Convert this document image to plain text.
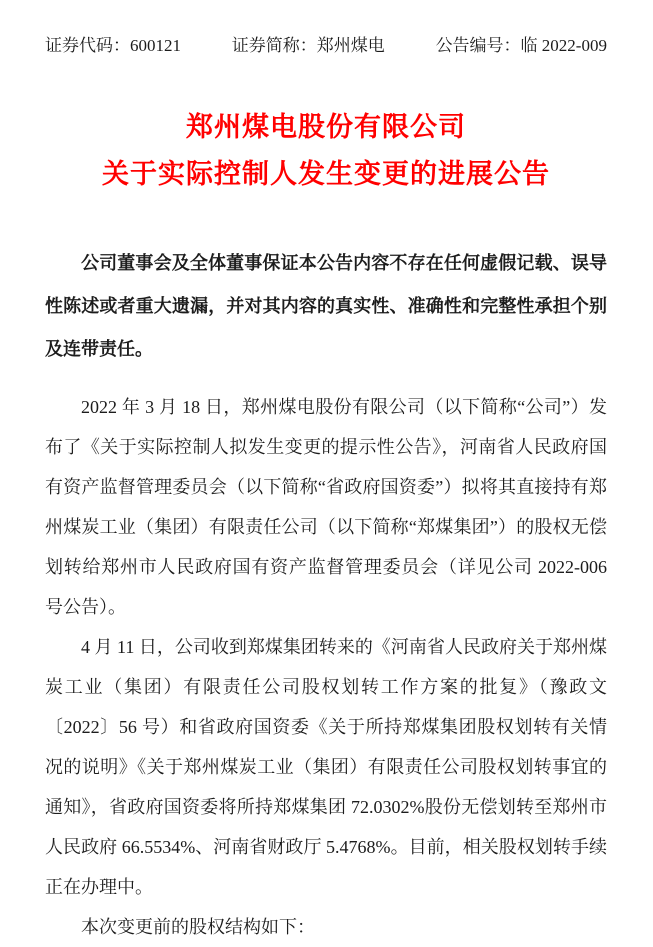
证券代码：600121	证券简称：郑州煤电	公告编号：临 2022-009
郑州煤电股份有限公司
关于实际控制人发生变更的进展公告

公司董事会及全体董事保证本公告内容不存在任何虚假记载、误导性陈述或者重大遗漏，并对其内容的真实性、准确性和完整性承担个别及连带责任。

2022 年 3 月 18 日，郑州煤电股份有限公司（以下简称“公司”）发布了《关于实际控制人拟发生变更的提示性公告》，河南省人民政府国有资产监督管理委员会（以下简称“省政府国资委”）拟将其直接持有郑州煤炭工业（集团）有限责任公司（以下简称“郑煤集团”）的股权无偿划转给郑州市人民政府国有资产监督管理委员会（详见公司 2022-006 号公告）。

4 月 11 日，公司收到郑煤集团转来的《河南省人民政府关于郑州煤炭工业（集团）有限责任公司股权划转工作方案的批复》（豫政文〔2022〕56 号）和省政府国资委《关于所持郑煤集团股权划转有关情况的说明》《关于郑州煤炭工业（集团）有限责任公司股权划转事宜的通知》，省政府国资委将所持郑煤集团 72.0302%股份无偿划转至郑州市人民政府 66.5534%、河南省财政厅 5.4768%。目前，相关股权划转手续正在办理中。

本次变更前的股权结构如下：
